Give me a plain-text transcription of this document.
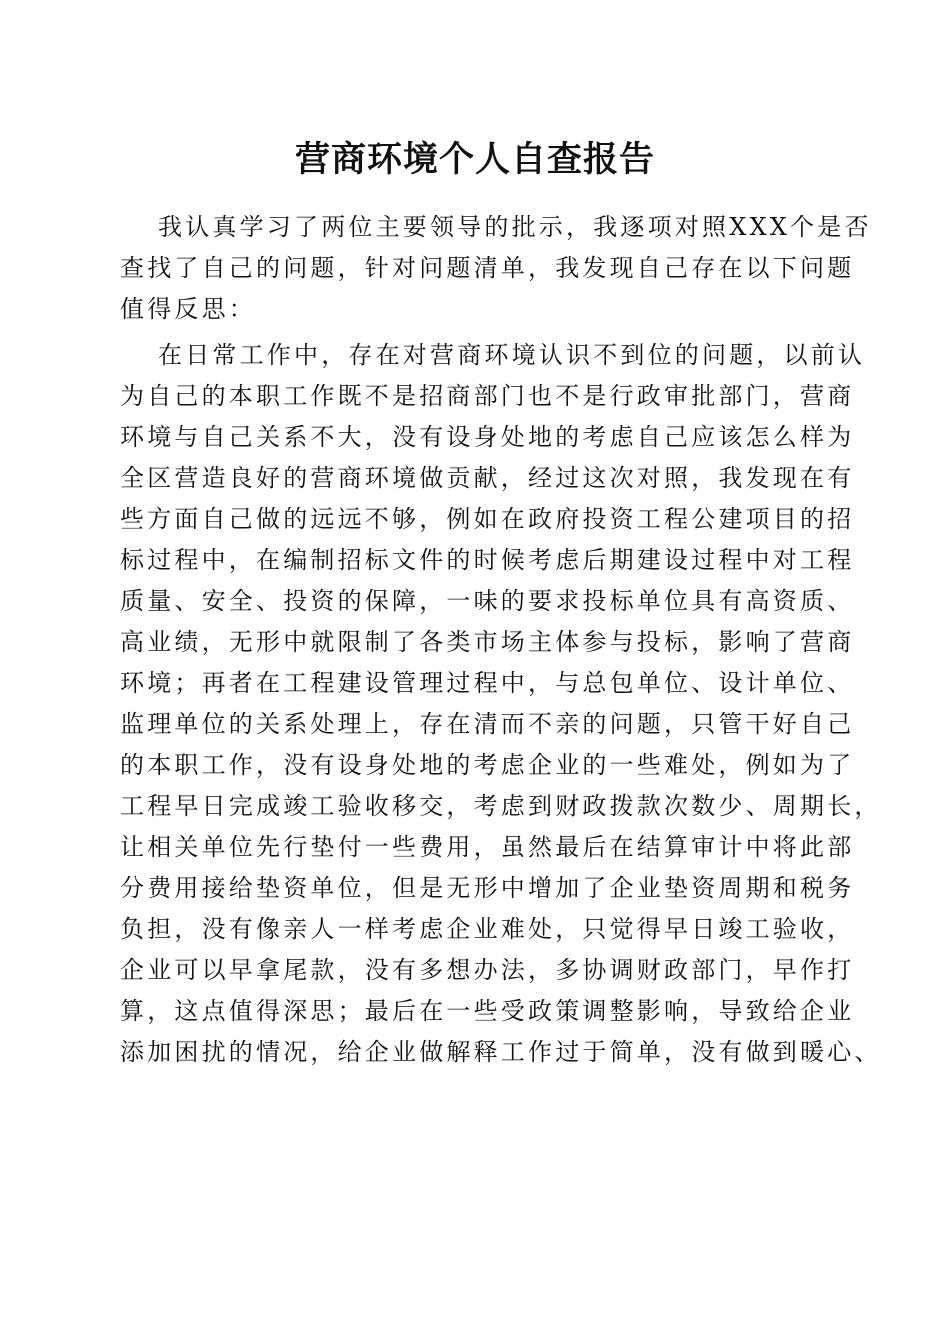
营商环境个人自查报告
我认真学习了两位主要领导的批示，我逐项对照XXX个是否
查找了自己的问题，针对问题清单，我发现自己存在以下问题
值得反思：
在日常工作中，存在对营商环境认识不到位的问题，以前认
为自己的本职工作既不是招商部门也不是行政审批部门，营商
环境与自己关系不大，没有设身处地的考虑自己应该怎么样为
全区营造良好的营商环境做贡献，经过这次对照，我发现在有
些方面自己做的远远不够，例如在政府投资工程公建项目的招
标过程中，在编制招标文件的时候考虑后期建设过程中对工程
质量、安全、投资的保障，一味的要求投标单位具有高资质、
高业绩，无形中就限制了各类市场主体参与投标，影响了营商
环境；再者在工程建设管理过程中，与总包单位、设计单位、
监理单位的关系处理上，存在清而不亲的问题，只管干好自己
的本职工作，没有设身处地的考虑企业的一些难处，例如为了
工程早日完成竣工验收移交，考虑到财政拨款次数少、周期长，
让相关单位先行垫付一些费用，虽然最后在结算审计中将此部
分费用接给垫资单位，但是无形中增加了企业垫资周期和税务
负担，没有像亲人一样考虑企业难处，只觉得早日竣工验收，
企业可以早拿尾款，没有多想办法，多协调财政部门，早作打
算，这点值得深思；最后在一些受政策调整影响，导致给企业
添加困扰的情况，给企业做解释工作过于简单，没有做到暖心、
